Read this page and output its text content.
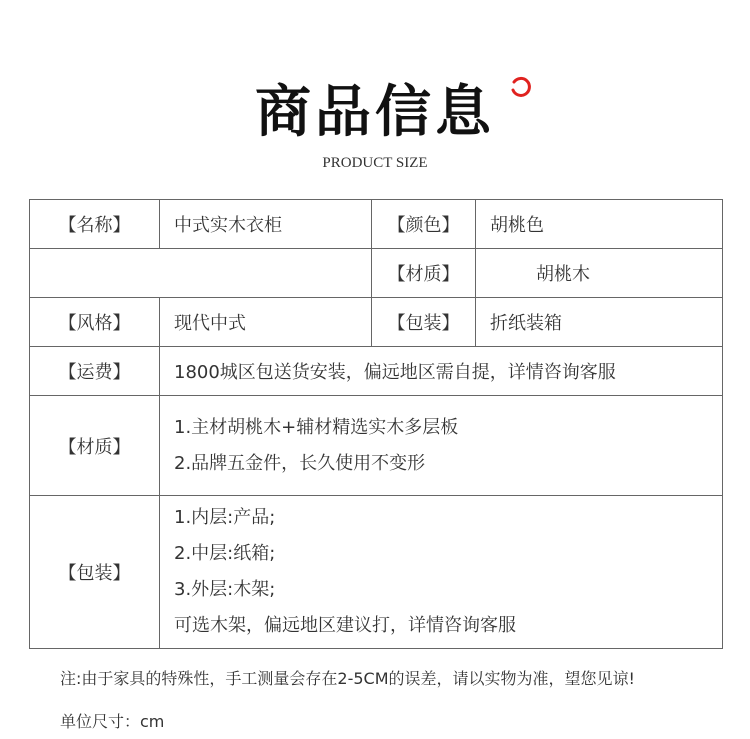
商品信息
PRODUCT SIZE
【名称】	中式实木衣柜	【颜色】	胡桃色
		【材质】	胡桃木
【风格】	现代中式	【包装】	折纸装箱
【运费】	1800城区包送货安装，偏远地区需自提，详情咨询客服		
【材质】	1.主材胡桃木+辅材精选实木多层板
2.品牌五金件，长久使用不变形		

【包装】	1.内层:产品;
2.中层:纸箱;
3.外层:木架;
可选木架，偏远地区建议打，详情咨询客服		
注:由于家具的特殊性，手工测量会存在2-5CM的误差，请以实物为准，望您见谅!
单位尺寸：cm
